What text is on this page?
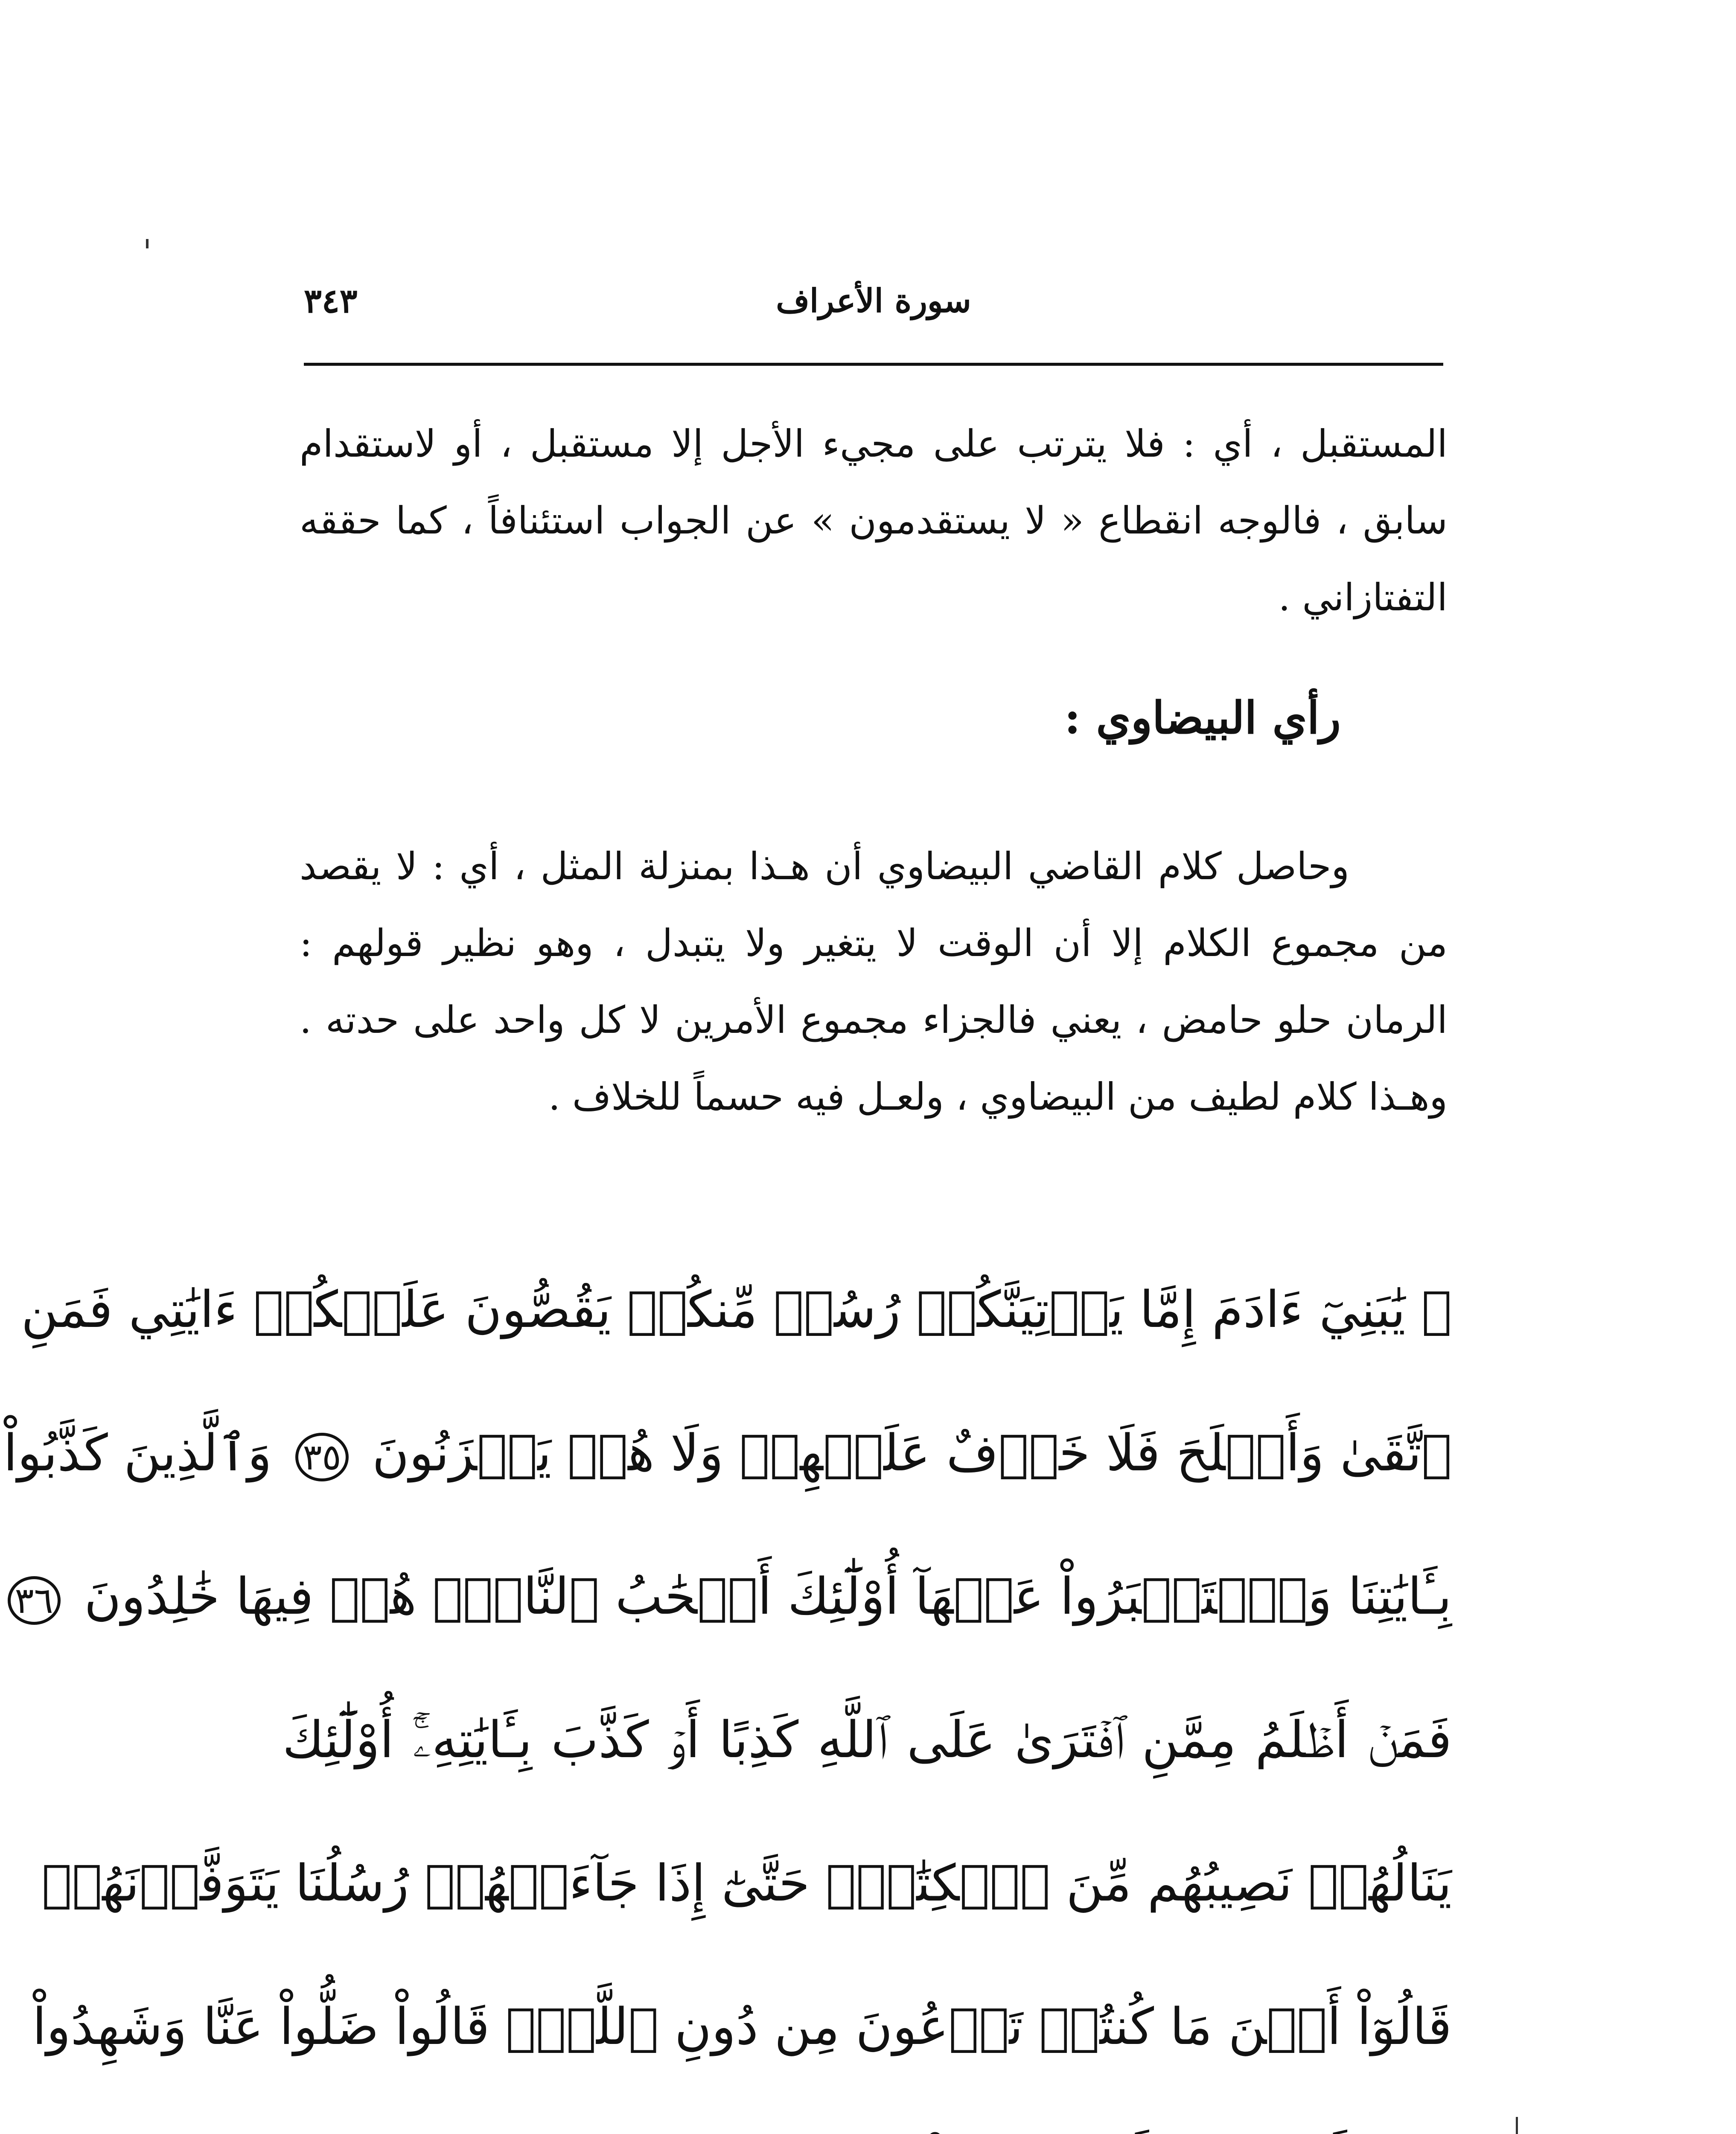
٣٤٣	سورة الأعراف

المستقبل ، أي : فلا يترتب على مجيء الأجل إلا مستقبل ، أو لاستقدام سابق ، فالوجه انقطاع « لا يستقدمون » عن الجواب استئنافاً ، كما حققه التفتازاني .

رأي البيضاوي :

وحاصل كلام القاضي البيضاوي أن هـذا بمنزلة المثل ، أي : لا يقصد من مجموع الكلام إلا أن الوقت لا يتغير ولا يتبدل ، وهو نظير قولهم : الرمان حلو حامض ، يعني فالجزاء مجموع الأمرين لا كل واحد على حدته . وهـذا كلام لطيف من البيضاوي ، ولعـل فيه حسماً للخلاف .

﴿ يَٰبَنِيٓ ءَادَمَ إِمَّا يَأۡتِيَنَّكُمۡ رُسُلٞ مِّنكُمۡ يَقُصُّونَ عَلَيۡكُمۡ ءَايَٰتِي فَمَنِ
ٱتَّقَىٰ وَأَصۡلَحَ فَلَا خَوۡفٌ عَلَيۡهِمۡ وَلَا هُمۡ يَحۡزَنُونَ ٣٥ وَٱلَّذِينَ كَذَّبُواْ
بِـَٔايَٰتِنَا وَٱسۡتَكۡبَرُواْ عَنۡهَآ أُوْلَٰٓئِكَ أَصۡحَٰبُ ٱلنَّارِۖ هُمۡ فِيهَا خَٰلِدُونَ ٣٦
فَمَنۡ أَظۡلَمُ مِمَّنِ ٱفۡتَرَىٰ عَلَى ٱللَّهِ كَذِبًا أَوۡ كَذَّبَ بِـَٔايَٰتِهِۦٓۚ أُوْلَٰٓئِكَ
يَنَالُهُمۡ نَصِيبُهُم مِّنَ ٱلۡكِتَٰبِۖ حَتَّىٰٓ إِذَا جَآءَتۡهُمۡ رُسُلُنَا يَتَوَفَّوۡنَهُمۡ
قَالُوٓاْ أَيۡنَ مَا كُنتُمۡ تَدۡعُونَ مِن دُونِ ٱللَّهِۖ قَالُواْ ضَلُّواْ عَنَّا وَشَهِدُواْ
